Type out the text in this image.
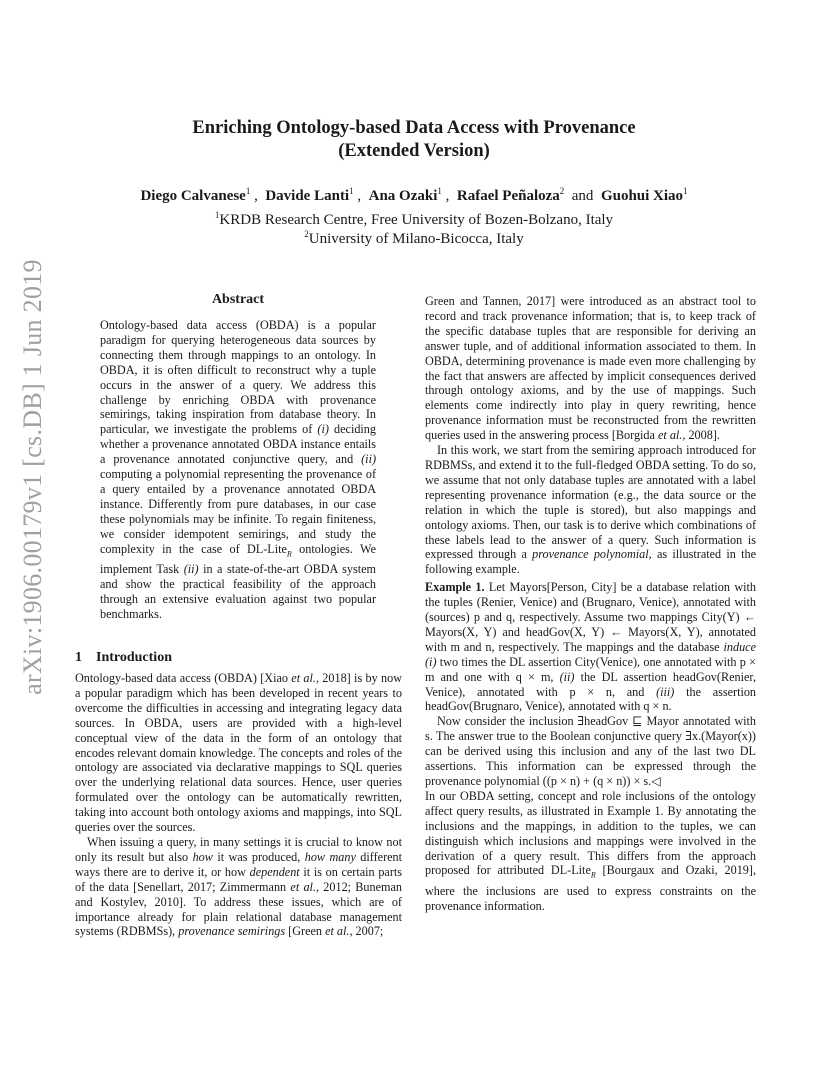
Enriching Ontology-based Data Access with Provenance
(Extended Version)
Diego Calvanese$^1$ ,  Davide Lanti$^1$ ,  Ana Ozaki$^1$ ,  Rafael Peñaloza$^2$ and Guohui Xiao$^1$
$^1$KRDB Research Centre, Free University of Bozen-Bolzano, Italy
$^2$University of Milano-Bicocca, Italy
arXiv:1906.00179v1 [cs.DB] 1 Jun 2019	Abstract

Ontology-based data access (OBDA) is a popular paradigm for querying heterogeneous data sources by connecting them through mappings to an ontology. In OBDA, it is often difficult to reconstruct why a tuple occurs in the answer of a query. We address this challenge by enriching OBDA with provenance semirings, taking inspiration from database theory. In particular, we investigate the problems of (i) deciding whether a provenance annotated OBDA instance entails a provenance annotated conjunctive query, and (ii) computing a polynomial representing the provenance of a query entailed by a provenance annotated OBDA instance. Differently from pure databases, in our case these polynomials may be infinite. To regain finiteness, we consider idempotent semirings, and study the complexity in the case of DL-Lite$_R$ ontologies. We implement Task (ii) in a state-of-the-art OBDA system and show the practical feasibility of the approach through an extensive evaluation against two popular benchmarks.

1 Introduction

Ontology-based data access (OBDA) [Xiao et al., 2018] is by now a popular paradigm which has been developed in recent years to overcome the difficulties in accessing and integrating legacy data sources. In OBDA, users are provided with a high-level conceptual view of the data in the form of an ontology that encodes relevant domain knowledge. The concepts and roles of the ontology are associated via declarative mappings to SQL queries over the underlying relational data sources. Hence, user queries formulated over the ontology can be automatically rewritten, taking into account both ontology axioms and mappings, into SQL queries over the sources.

When issuing a query, in many settings it is crucial to know not only its result but also how it was produced, how many different ways there are to derive it, or how dependent it is on certain parts of the data [Senellart, 2017; Zimmermann et al., 2012; Buneman and Kostylev, 2010]. To address these issues, which are of importance already for plain relational database management systems (RDBMSs), provenance semirings [Green et al., 2007;

Green and Tannen, 2017] were introduced as an abstract tool to record and track provenance information; that is, to keep track of the specific database tuples that are responsible for deriving an answer tuple, and of additional information associated to them. In OBDA, determining provenance is made even more challenging by the fact that answers are affected by implicit consequences derived through ontology axioms, and by the use of mappings. Such elements come indirectly into play in query rewriting, hence provenance information must be reconstructed from the rewritten queries used in the answering process [Borgida et al., 2008].

In this work, we start from the semiring approach introduced for RDBMSs, and extend it to the full-fledged OBDA setting. To do so, we assume that not only database tuples are annotated with a label representing provenance information (e.g., the data source or the relation in which the tuple is stored), but also mappings and ontology axioms. Then, our task is to derive which combinations of these labels lead to the answer of a query. Such information is expressed through a provenance polynomial, as illustrated in the following example.

Example 1. Let Mayors[Person, City] be a database relation with the tuples (Renier, Venice) and (Brugnaro, Venice), annotated with (sources) p and q, respectively. Assume two mappings City(Y) ← Mayors(X, Y) and headGov(X, Y) ← Mayors(X, Y), annotated with m and n, respectively. The mappings and the database induce (i) two times the DL assertion City(Venice), one annotated with p × m and one with q × m, (ii) the DL assertion headGov(Renier, Venice), annotated with p × n, and (iii) the assertion headGov(Brugnaro, Venice), annotated with q × n.

Now consider the inclusion ∃headGov ⊑ Mayor annotated with s. The answer true to the Boolean conjunctive query ∃x.(Mayor(x)) can be derived using this inclusion and any of the last two DL assertions. This information can be expressed through the provenance polynomial ((p × n) + (q × n)) × s.◁

In our OBDA setting, concept and role inclusions of the ontology affect query results, as illustrated in Example 1. By annotating the inclusions and the mappings, in addition to the tuples, we can distinguish which inclusions and mappings were involved in the derivation of a query result. This differs from the approach proposed for attributed DL-Lite$_R$ [Bourgaux and Ozaki, 2019], where the inclusions are used to express constraints on the provenance information.
